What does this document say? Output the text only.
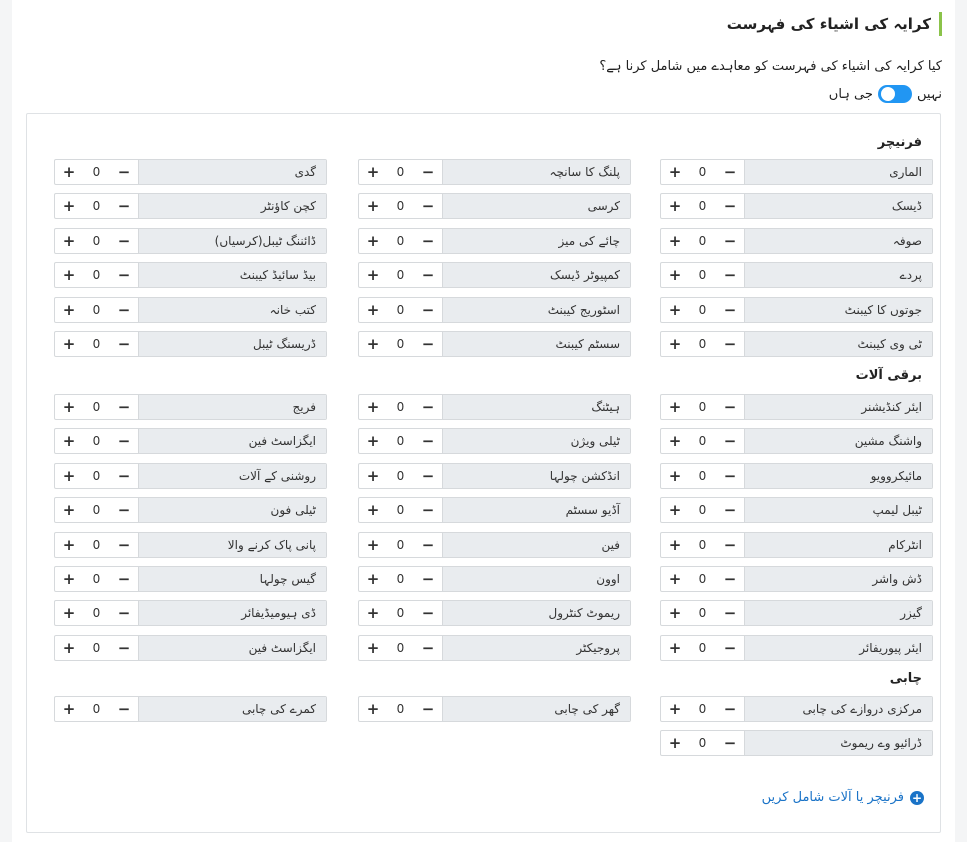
کرایہ کی اشیاء کی فہرست
کیا کرایہ کی اشیاء کی فہرست کو معاہدے میں شامل کرنا ہے؟
نہیں
جی ہاں
+
فرنیچر یا آلات شامل کریں
فرنیچر
الماری
+	0	−
پلنگ کا سانچہ
+	0	−
گدی
+	0	−
ڈیسک
+	0	−
کرسی
+	0	−
کچن کاؤنٹر
+	0	−
صوفہ
+	0	−
چائے کی میز
+	0	−
ڈائننگ ٹیبل(کرسیاں)
+	0	−
پردے
+	0	−
کمپیوٹر ڈیسک
+	0	−
بیڈ سائیڈ کیبنٹ
+	0	−
جوتوں کا کیبنٹ
+	0	−
اسٹوریج کیبنٹ
+	0	−
کتب خانہ
+	0	−
ٹی وی کیبنٹ
+	0	−
سسٹم کیبنٹ
+	0	−
ڈریسنگ ٹیبل
+	0	−
برقی آلات
ایئر کنڈیشنر
+	0	−
ہیٹنگ
+	0	−
فریج
+	0	−
واشنگ مشین
+	0	−
ٹیلی ویژن
+	0	−
ایگزاسٹ فین
+	0	−
مائیکروویو
+	0	−
انڈکشن چولہا
+	0	−
روشنی کے آلات
+	0	−
ٹیبل لیمپ
+	0	−
آڈیو سسٹم
+	0	−
ٹیلی فون
+	0	−
انٹرکام
+	0	−
فین
+	0	−
پانی پاک کرنے والا
+	0	−
ڈش واشر
+	0	−
اوون
+	0	−
گیس چولہا
+	0	−
گیزر
+	0	−
ریموٹ کنٹرول
+	0	−
ڈی ہیومیڈیفائر
+	0	−
ایئر پیوریفائر
+	0	−
پروجیکٹر
+	0	−
ایگزاسٹ فین
+	0	−
چابی
مرکزی دروازے کی چابی
+	0	−
گھر کی چابی
+	0	−
کمرے کی چابی
+	0	−
ڈرائیو وے ریموٹ
+	0	−
